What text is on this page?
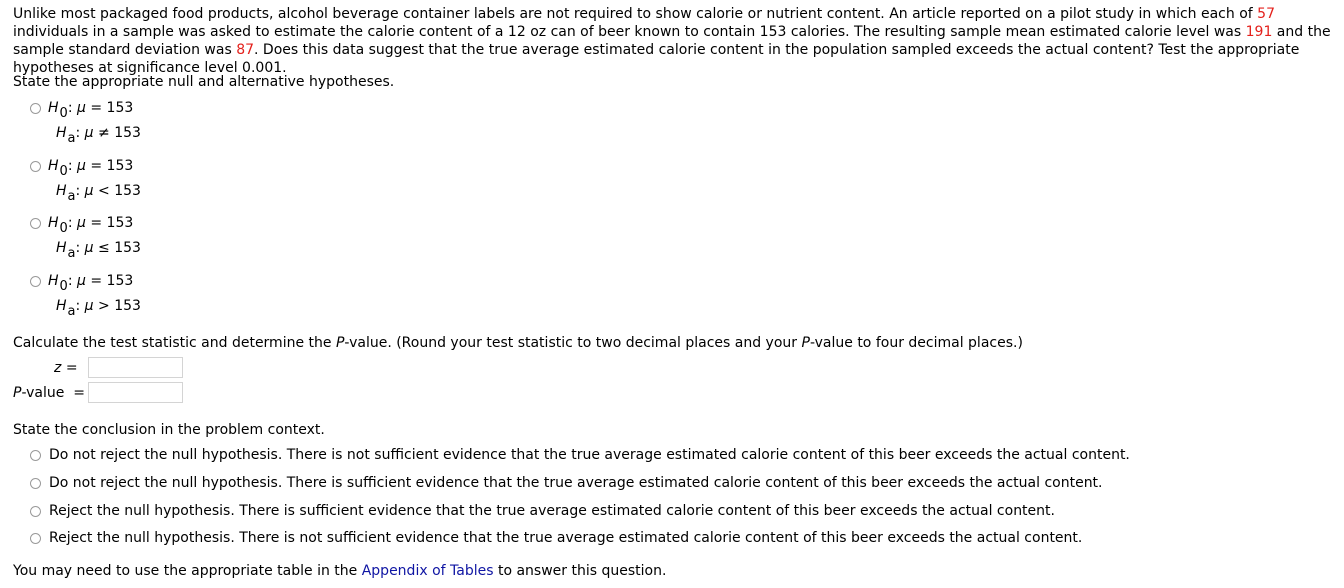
Unlike most packaged food products, alcohol beverage container labels are not required to show calorie or nutrient content. An article reported on a pilot study in which each of 57 individuals in a sample was asked to estimate the calorie content of a 12 oz can of beer known to contain 153 calories. The resulting sample mean estimated calorie level was 191 and the sample standard deviation was 87. Does this data suggest that the true average estimated calorie content in the population sampled exceeds the actual content? Test the appropriate hypotheses at significance level 0.001.

State the appropriate null and alternative hypotheses.

H0: μ = 153
Ha: μ ≠ 153
H0: μ = 153
Ha: μ < 153
H0: μ = 153
Ha: μ ≤ 153
H0: μ = 153
Ha: μ > 153

Calculate the test statistic and determine the P-value. (Round your test statistic to two decimal places and your P-value to four decimal places.)

z =
P-value =

State the conclusion in the problem context.

Do not reject the null hypothesis. There is not sufficient evidence that the true average estimated calorie content of this beer exceeds the actual content.
Do not reject the null hypothesis. There is sufficient evidence that the true average estimated calorie content of this beer exceeds the actual content.
Reject the null hypothesis. There is sufficient evidence that the true average estimated calorie content of this beer exceeds the actual content.
Reject the null hypothesis. There is not sufficient evidence that the true average estimated calorie content of this beer exceeds the actual content.

You may need to use the appropriate table in the Appendix of Tables to answer this question.
